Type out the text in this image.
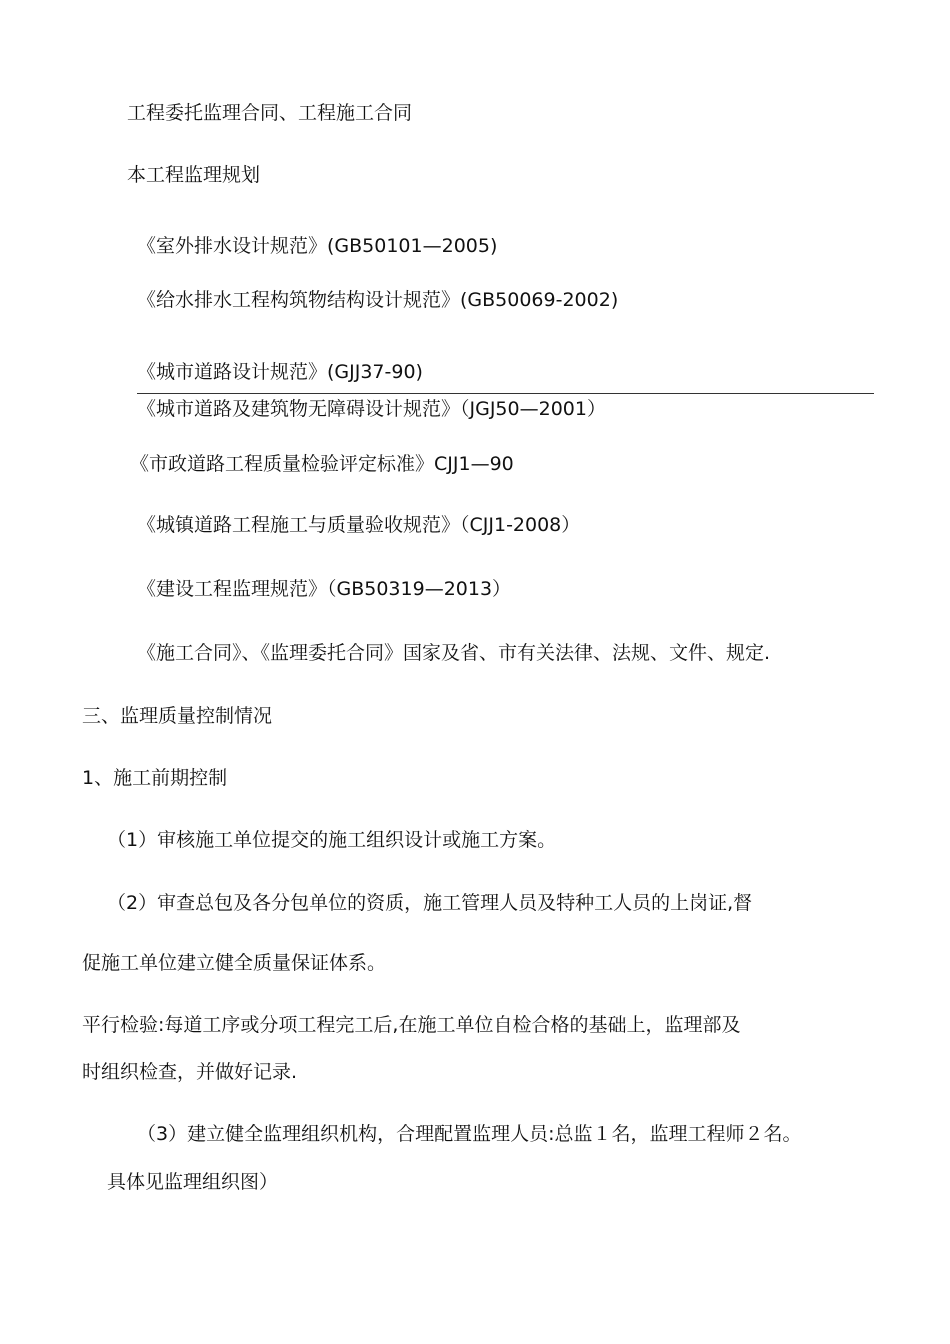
工程委托监理合同、工程施工合同
本工程监理规划
《室外排水设计规范》(GB50101—2005)
《给水排水工程构筑物结构设计规范》(GB50069-2002)
《城市道路设计规范》(GJJ37-90)
《城市道路及建筑物无障碍设计规范》（JGJ50—2001）
《市政道路工程质量检验评定标准》CJJ1—90
《城镇道路工程施工与质量验收规范》（CJJ1-2008）
《建设工程监理规范》（GB50319—2013）
《施工合同》、《监理委托合同》国家及省、市有关法律、法规、文件、规定.
三、监理质量控制情况
1、施工前期控制
（1）审核施工单位提交的施工组织设计或施工方案。
（2）审查总包及各分包单位的资质，施工管理人员及特种工人员的上岗证,督
促施工单位建立健全质量保证体系。
平行检验:每道工序或分项工程完工后,在施工单位自检合格的基础上，监理部及
时组织检查，并做好记录.
（3）建立健全监理组织机构，合理配置监理人员:总监１名，监理工程师２名。
具体见监理组织图）
